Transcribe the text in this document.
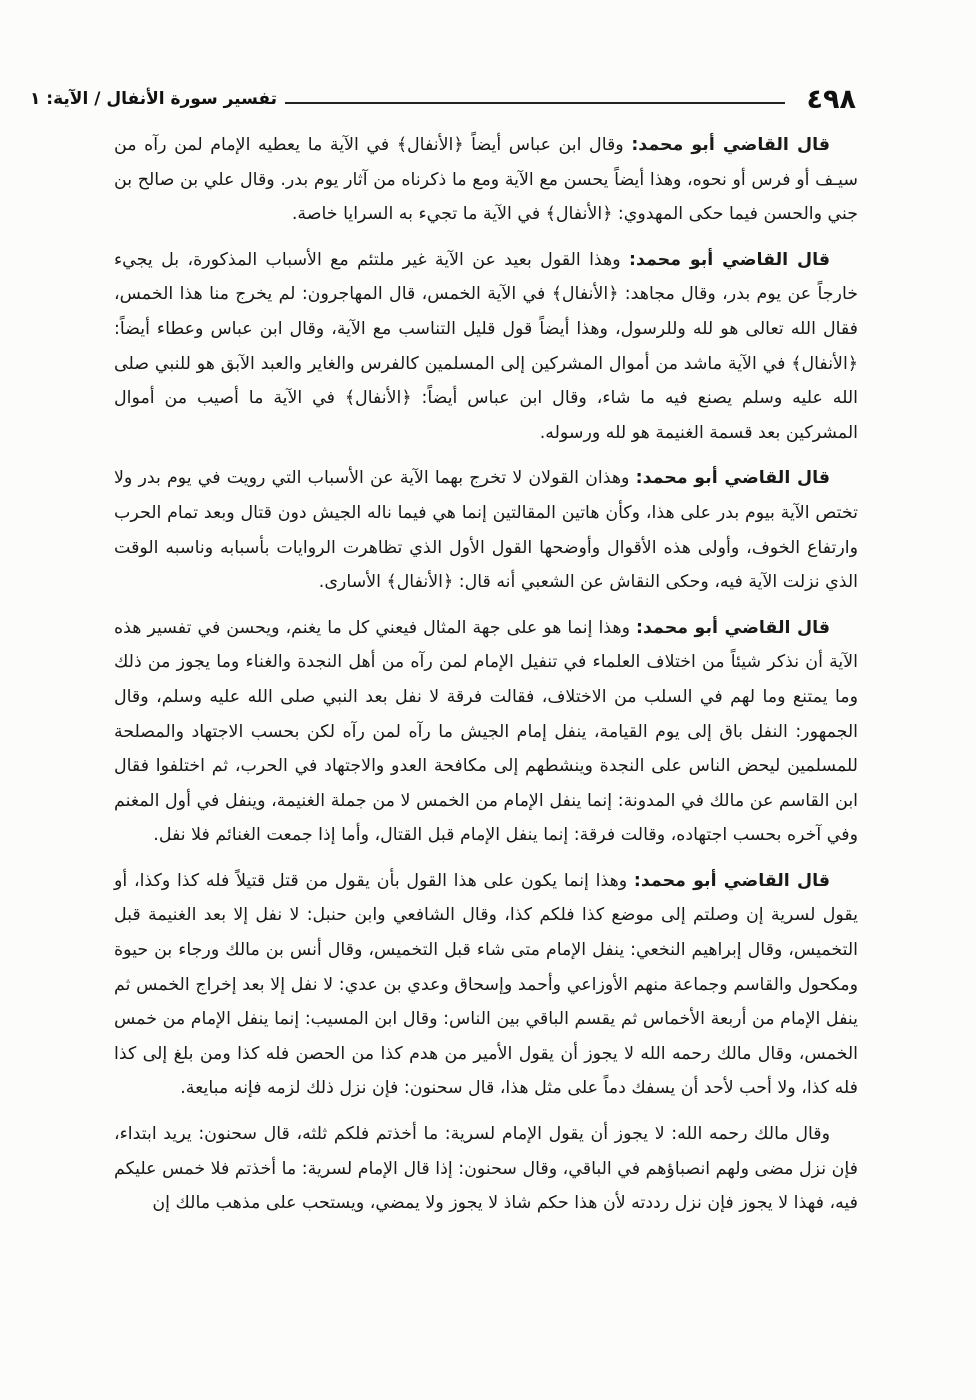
٤٩٨
تفسير سورة الأنفال / الآية: ١

قال القاضي أبو محمد: وقال ابن عباس أيضاً ﴿الأنفال﴾ في الآية ما يعطيه الإمام لمن رآه من سيـف أو فرس أو نحوه، وهذا أيضاً يحسن مع الآية ومع ما ذكرناه من آثار يوم بدر. وقال علي بن صالح بن جني والحسن فيما حكى المهدوي: ﴿الأنفال﴾ في الآية ما تجيء به السرايا خاصة.

قال القاضي أبو محمد: وهذا القول بعيد عن الآية غير ملتئم مع الأسباب المذكورة، بل يجيء خارجاً عن يوم بدر، وقال مجاهد: ﴿الأنفال﴾ في الآية الخمس، قال المهاجرون: لم يخرج منا هذا الخمس، فقال الله تعالى هو لله وللرسول، وهذا أيضاً قول قليل التناسب مع الآية، وقال ابن عباس وعطاء أيضاً: ﴿الأنفال﴾ في الآية ماشد من أموال المشركين إلى المسلمين كالفرس والغاير والعبد الآبق هو للنبي صلى الله عليه وسلم يصنع فيه ما شاء، وقال ابن عباس أيضاً: ﴿الأنفال﴾ في الآية ما أصيب من أموال المشركين بعد قسمة الغنيمة هو لله ورسوله.

قال القاضي أبو محمد: وهذان القولان لا تخرج بهما الآية عن الأسباب التي رويت في يوم بدر ولا تختص الآية بيوم بدر على هذا، وكأن هاتين المقالتين إنما هي فيما ناله الجيش دون قتال وبعد تمام الحرب وارتفاع الخوف، وأولى هذه الأقوال وأوضحها القول الأول الذي تظاهرت الروايات بأسبابه وناسبه الوقت الذي نزلت الآية فيه، وحكى النقاش عن الشعبي أنه قال: ﴿الأنفال﴾ الأسارى.

قال القاضي أبو محمد: وهذا إنما هو على جهة المثال فيعني كل ما يغنم، ويحسن في تفسير هذه الآية أن نذكر شيئاً من اختلاف العلماء في تنفيل الإمام لمن رآه من أهل النجدة والغناء وما يجوز من ذلك وما يمتنع وما لهم في السلب من الاختلاف، فقالت فرقة لا نفل بعد النبي صلى الله عليه وسلم، وقال الجمهور: النفل باق إلى يوم القيامة، ينفل إمام الجيش ما رآه لمن رآه لكن بحسب الاجتهاد والمصلحة للمسلمين ليحض الناس على النجدة وينشطهم إلى مكافحة العدو والاجتهاد في الحرب، ثم اختلفوا فقال ابن القاسم عن مالك في المدونة: إنما ينفل الإمام من الخمس لا من جملة الغنيمة، وينفل في أول المغنم وفي آخره بحسب اجتهاده، وقالت فرقة: إنما ينفل الإمام قبل القتال، وأما إذا جمعت الغنائم فلا نفل.

قال القاضي أبو محمد: وهذا إنما يكون على هذا القول بأن يقول من قتل قتيلاً فله كذا وكذا، أو يقول لسرية إن وصلتم إلى موضع كذا فلكم كذا، وقال الشافعي وابن حنبل: لا نفل إلا بعد الغنيمة قبل التخميس، وقال إبراهيم النخعي: ينفل الإمام متى شاء قبل التخميس، وقال أنس بن مالك ورجاء بن حيوة ومكحول والقاسم وجماعة منهم الأوزاعي وأحمد وإسحاق وعدي بن عدي: لا نفل إلا بعد إخراج الخمس ثم ينفل الإمام من أربعة الأخماس ثم يقسم الباقي بين الناس: وقال ابن المسيب: إنما ينفل الإمام من خمس الخمس، وقال مالك رحمه الله لا يجوز أن يقول الأمير من هدم كذا من الحصن فله كذا ومن بلغ إلى كذا فله كذا، ولا أحب لأحد أن يسفك دماً على مثل هذا، قال سحنون: فإن نزل ذلك لزمه فإنه مبايعة.

وقال مالك رحمه الله: لا يجوز أن يقول الإمام لسرية: ما أخذتم فلكم ثلثه، قال سحنون: يريد ابتداء، فإن نزل مضى ولهم انصباؤهم في الباقي، وقال سحنون: إذا قال الإمام لسرية: ما أخذتم فلا خمس عليكم فيه، فهذا لا يجوز فإن نزل رددته لأن هذا حكم شاذ لا يجوز ولا يمضي، ويستحب على مذهب مالك إن
